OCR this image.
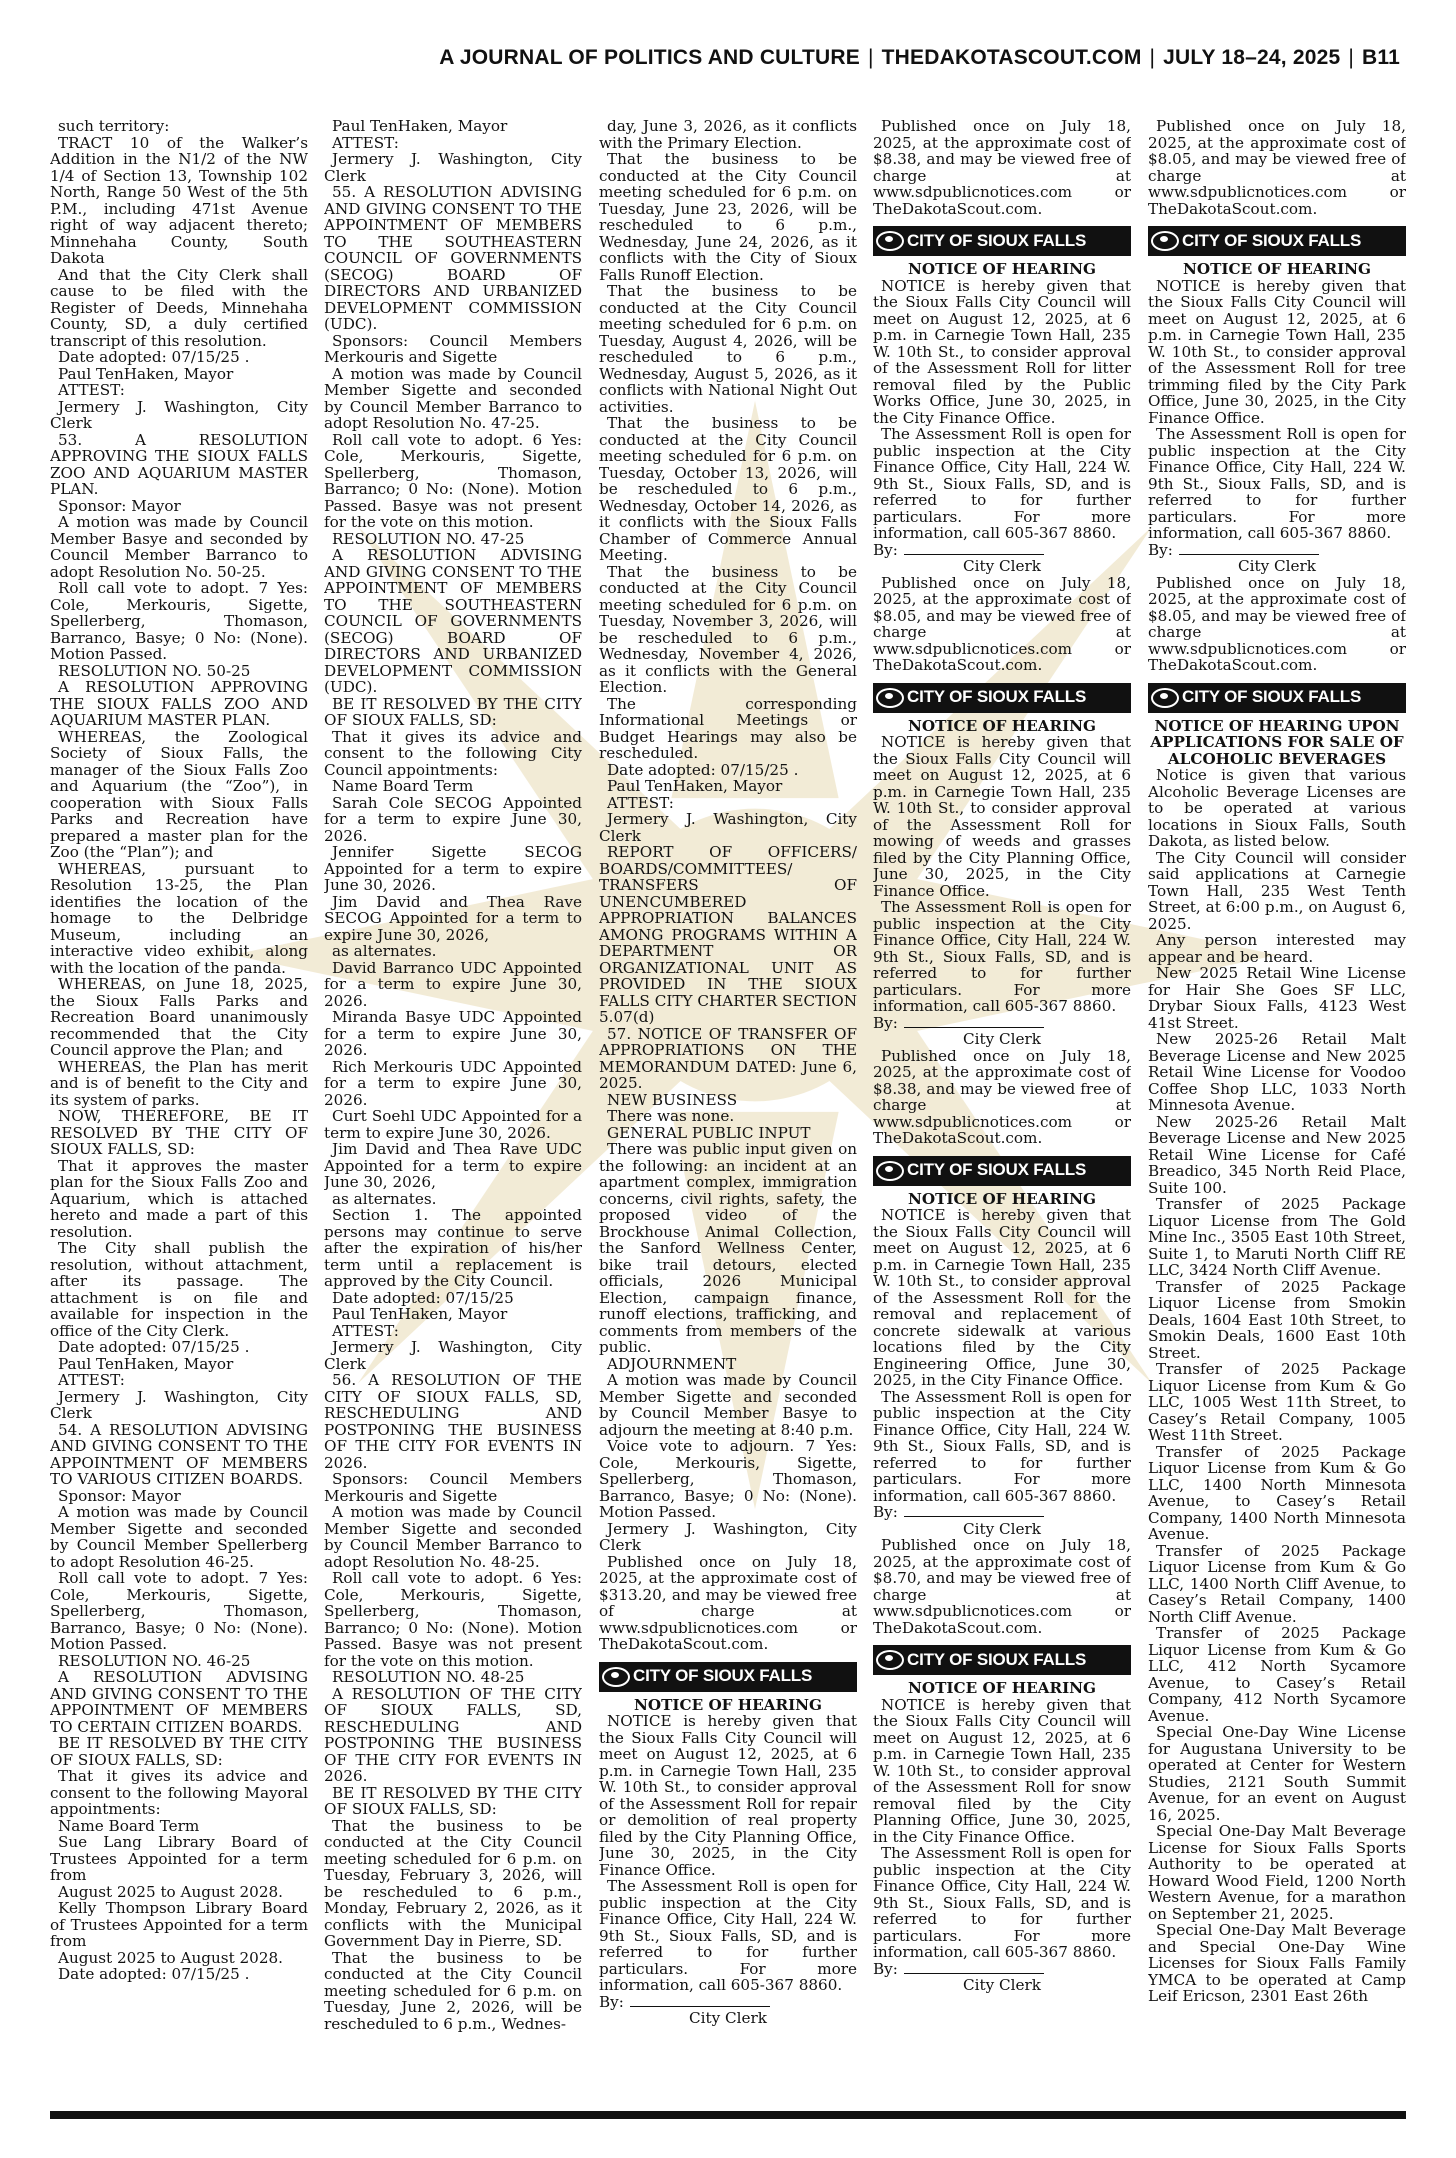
A JOURNAL OF POLITICS AND CULTURE | THEDAKOTASCOUT.COM | JULY 18–24, 2025 | B11

such territory:

TRACT 10 of the Walker’s Addition in the N1/2 of the NW 1/4 of Section 13, Township 102 North, Range 50 West of the 5th P.M., including 471st Avenue right of way adjacent thereto; Minnehaha County, South Dakota

And that the City Clerk shall cause to be filed with the Register of Deeds, Minnehaha County, SD, a duly certified transcript of this resolution.

Date adopted: 07/15/25 .

Paul TenHaken, Mayor

ATTEST:

Jermery J. Washington, City Clerk

53. A RESOLUTION APPROVING THE SIOUX FALLS ZOO AND AQUARIUM MASTER PLAN.

Sponsor: Mayor

A motion was made by Council Member Basye and seconded by Council Member Barranco to adopt Resolution No. 50-25.

Roll call vote to adopt. 7 Yes: Cole, Merkouris, Sigette, Spellerberg, Thomason, Barranco, Basye; 0 No: (None). Motion Passed.

RESOLUTION NO. 50-25

A RESOLUTION APPROVING THE SIOUX FALLS ZOO AND AQUARIUM MASTER PLAN.

WHEREAS, the Zoological Society of Sioux Falls, the manager of the Sioux Falls Zoo and Aquarium (the “Zoo”), in cooperation with Sioux Falls Parks and Recreation have prepared a master plan for the Zoo (the “Plan”); and

WHEREAS, pursuant to Resolution 13-25, the Plan identifies the location of the homage to the Delbridge Museum, including an interactive video exhibit, along with the location of the panda.

WHEREAS, on June 18, 2025, the Sioux Falls Parks and Recreation Board unanimously recommended that the City Council approve the Plan; and

WHEREAS, the Plan has merit and is of benefit to the City and its system of parks.

NOW, THEREFORE, BE IT RESOLVED BY THE CITY OF SIOUX FALLS, SD:

That it approves the master plan for the Sioux Falls Zoo and Aquarium, which is attached hereto and made a part of this resolution.

The City shall publish the resolution, without attachment, after its passage. The attachment is on file and available for inspection in the office of the City Clerk.

Date adopted: 07/15/25 .

Paul TenHaken, Mayor

ATTEST:

Jermery J. Washington, City Clerk

54. A RESOLUTION ADVISING AND GIVING CONSENT TO THE APPOINTMENT OF MEMBERS TO VARIOUS CITIZEN BOARDS.

Sponsor: Mayor

A motion was made by Council Member Sigette and seconded by Council Member Spellerberg to adopt Resolution 46-25.

Roll call vote to adopt. 7 Yes: Cole, Merkouris, Sigette, Spellerberg, Thomason, Barranco, Basye; 0 No: (None). Motion Passed.

RESOLUTION NO. 46-25

A RESOLUTION ADVISING AND GIVING CONSENT TO THE APPOINTMENT OF MEMBERS TO CERTAIN CITIZEN BOARDS.

BE IT RESOLVED BY THE CITY OF SIOUX FALLS, SD:

That it gives its advice and consent to the following Mayoral appointments:

Name Board Term

Sue Lang Library Board of Trustees Appointed for a term from

August 2025 to August 2028.

Kelly Thompson Library Board of Trustees Appointed for a term from

August 2025 to August 2028.

Date adopted: 07/15/25 .

Paul TenHaken, Mayor

ATTEST:

Jermery J. Washington, City Clerk

55. A RESOLUTION ADVISING AND GIVING CONSENT TO THE APPOINTMENT OF MEMBERS TO THE SOUTHEASTERN COUNCIL OF GOVERNMENTS (SECOG) BOARD OF DIRECTORS AND URBANIZED DEVELOPMENT COMMISSION (UDC).

Sponsors: Council Members Merkouris and Sigette

A motion was made by Council Member Sigette and seconded by Council Member Barranco to adopt Resolution No. 47-25.

Roll call vote to adopt. 6 Yes: Cole, Merkouris, Sigette, Spellerberg, Thomason, Barranco; 0 No: (None). Motion Passed. Basye was not present for the vote on this motion.

RESOLUTION NO. 47-25

A RESOLUTION ADVISING AND GIVING CONSENT TO THE APPOINTMENT OF MEMBERS TO THE SOUTHEASTERN COUNCIL OF GOVERNMENTS (SECOG) BOARD OF DIRECTORS AND URBANIZED DEVELOPMENT COMMISSION (UDC).

BE IT RESOLVED BY THE CITY OF SIOUX FALLS, SD:

That it gives its advice and consent to the following City Council appointments:

Name Board Term

Sarah Cole SECOG Appointed for a term to expire June 30, 2026.

Jennifer Sigette SECOG Appointed for a term to expire June 30, 2026.

Jim David and Thea Rave SECOG Appointed for a term to expire June 30, 2026,

as alternates.

David Barranco UDC Appointed for a term to expire June 30, 2026.

Miranda Basye UDC Appointed for a term to expire June 30, 2026.

Rich Merkouris UDC Appointed for a term to expire June 30, 2026.

Curt Soehl UDC Appointed for a term to expire June 30, 2026.

Jim David and Thea Rave UDC Appointed for a term to expire June 30, 2026,

as alternates.

Section 1. The appointed persons may continue to serve after the expiration of his/her term until a replacement is approved by the City Council.

Date adopted: 07/15/25

Paul TenHaken, Mayor

ATTEST:

Jermery J. Washington, City Clerk

56. A RESOLUTION OF THE CITY OF SIOUX FALLS, SD, RESCHEDULING AND POSTPONING THE BUSINESS OF THE CITY FOR EVENTS IN 2026.

Sponsors: Council Members Merkouris and Sigette

A motion was made by Council Member Sigette and seconded by Council Member Barranco to adopt Resolution No. 48-25.

Roll call vote to adopt. 6 Yes: Cole, Merkouris, Sigette, Spellerberg, Thomason, Barranco; 0 No: (None). Motion Passed. Basye was not present for the vote on this motion.

RESOLUTION NO. 48-25

A RESOLUTION OF THE CITY OF SIOUX FALLS, SD, RESCHEDULING AND POSTPONING THE BUSINESS OF THE CITY FOR EVENTS IN 2026.

BE IT RESOLVED BY THE CITY OF SIOUX FALLS, SD:

That the business to be conducted at the City Council meeting scheduled for 6 p.m. on Tuesday, February 3, 2026, will be rescheduled to 6 p.m., Monday, February 2, 2026, as it conflicts with the Municipal Government Day in Pierre, SD.

That the business to be conducted at the City Council meeting scheduled for 6 p.m. on Tuesday, June 2, 2026, will be rescheduled to 6 p.m., Wednes-

day, June 3, 2026, as it conflicts with the Primary Election.

That the business to be conducted at the City Council meeting scheduled for 6 p.m. on Tuesday, June 23, 2026, will be rescheduled to 6 p.m., Wednesday, June 24, 2026, as it conflicts with the City of Sioux Falls Runoff Election.

That the business to be conducted at the City Council meeting scheduled for 6 p.m. on Tuesday, August 4, 2026, will be rescheduled to 6 p.m., Wednesday, August 5, 2026, as it conflicts with National Night Out activities.

That the business to be conducted at the City Council meeting scheduled for 6 p.m. on Tuesday, October 13, 2026, will be rescheduled to 6 p.m., Wednesday, October 14, 2026, as it conflicts with the Sioux Falls Chamber of Commerce Annual Meeting.

That the business to be conducted at the City Council meeting scheduled for 6 p.m. on Tuesday, November 3, 2026, will be rescheduled to 6 p.m., Wednesday, November 4, 2026, as it conflicts with the General Election.

The corresponding Informational Meetings or Budget Hearings may also be rescheduled.

Date adopted: 07/15/25 .

Paul TenHaken, Mayor

ATTEST:

Jermery J. Washington, City Clerk

REPORT OF OFFICERS/ BOARDS/COMMITTEES/ TRANSFERS OF UNENCUMBERED APPROPRIATION BALANCES AMONG PROGRAMS WITHIN A DEPARTMENT OR ORGANIZATIONAL UNIT AS PROVIDED IN THE SIOUX FALLS CITY CHARTER SECTION 5.07(d)

57. NOTICE OF TRANSFER OF APPROPRIATIONS ON THE MEMORANDUM DATED: June 6, 2025.

NEW BUSINESS

There was none.

GENERAL PUBLIC INPUT

There was public input given on the following: an incident at an apartment complex, immigration concerns, civil rights, safety, the proposed video of the Brockhouse Animal Collection, the Sanford Wellness Center, bike trail detours, elected officials, 2026 Municipal Election, campaign finance, runoff elections, trafficking, and comments from members of the public.

ADJOURNMENT

A motion was made by Council Member Sigette and seconded by Council Member Basye to adjourn the meeting at 8:40 p.m.

Voice vote to adjourn. 7 Yes: Cole, Merkouris, Sigette, Spellerberg, Thomason, Barranco, Basye; 0 No: (None). Motion Passed.

Jermery J. Washington, City Clerk

Published once on July 18, 2025, at the approximate cost of $313.20, and may be viewed free of charge at www.sdpublicnotices.com or TheDakotaScout.com.

CITY OF SIOUX FALLS

NOTICE OF HEARING

NOTICE is hereby given that the Sioux Falls City Council will meet on August 12, 2025, at 6 p.m. in Carnegie Town Hall, 235 W. 10th St., to consider approval of the Assessment Roll for repair or demolition of real property filed by the City Planning Office, June 30, 2025, in the City Finance Office.

The Assessment Roll is open for public inspection at the City Finance Office, City Hall, 224 W. 9th St., Sioux Falls, SD, and is referred to for further particulars. For more information, call 605-367 8860.

By:

City Clerk

Published once on July 18, 2025, at the approximate cost of $8.38, and may be viewed free of charge at www.sdpublicnotices.com or TheDakotaScout.com.

CITY OF SIOUX FALLS

NOTICE OF HEARING

NOTICE is hereby given that the Sioux Falls City Council will meet on August 12, 2025, at 6 p.m. in Carnegie Town Hall, 235 W. 10th St., to consider approval of the Assessment Roll for litter removal filed by the Public Works Office, June 30, 2025, in the City Finance Office.

The Assessment Roll is open for public inspection at the City Finance Office, City Hall, 224 W. 9th St., Sioux Falls, SD, and is referred to for further particulars. For more information, call 605-367 8860.

By:

City Clerk

Published once on July 18, 2025, at the approximate cost of $8.05, and may be viewed free of charge at www.sdpublicnotices.com or TheDakotaScout.com.

CITY OF SIOUX FALLS

NOTICE OF HEARING

NOTICE is hereby given that the Sioux Falls City Council will meet on August 12, 2025, at 6 p.m. in Carnegie Town Hall, 235 W. 10th St., to consider approval of the Assessment Roll for mowing of weeds and grasses filed by the City Planning Office, June 30, 2025, in the City Finance Office.

The Assessment Roll is open for public inspection at the City Finance Office, City Hall, 224 W. 9th St., Sioux Falls, SD, and is referred to for further particulars. For more information, call 605-367 8860.

By:

City Clerk

Published once on July 18, 2025, at the approximate cost of $8.38, and may be viewed free of charge at www.sdpublicnotices.com or TheDakotaScout.com.

CITY OF SIOUX FALLS

NOTICE OF HEARING

NOTICE is hereby given that the Sioux Falls City Council will meet on August 12, 2025, at 6 p.m. in Carnegie Town Hall, 235 W. 10th St., to consider approval of the Assessment Roll for the removal and replacement of concrete sidewalk at various locations filed by the City Engineering Office, June 30, 2025, in the City Finance Office.

The Assessment Roll is open for public inspection at the City Finance Office, City Hall, 224 W. 9th St., Sioux Falls, SD, and is referred to for further particulars. For more information, call 605-367 8860.

By:

City Clerk

Published once on July 18, 2025, at the approximate cost of $8.70, and may be viewed free of charge at www.sdpublicnotices.com or TheDakotaScout.com.

CITY OF SIOUX FALLS

NOTICE OF HEARING

NOTICE is hereby given that the Sioux Falls City Council will meet on August 12, 2025, at 6 p.m. in Carnegie Town Hall, 235 W. 10th St., to consider approval of the Assessment Roll for snow removal filed by the City Planning Office, June 30, 2025, in the City Finance Office.

The Assessment Roll is open for public inspection at the City Finance Office, City Hall, 224 W. 9th St., Sioux Falls, SD, and is referred to for further particulars. For more information, call 605-367 8860.

By:

City Clerk

Published once on July 18, 2025, at the approximate cost of $8.05, and may be viewed free of charge at www.sdpublicnotices.com or TheDakotaScout.com.

CITY OF SIOUX FALLS

NOTICE OF HEARING

NOTICE is hereby given that the Sioux Falls City Council will meet on August 12, 2025, at 6 p.m. in Carnegie Town Hall, 235 W. 10th St., to consider approval of the Assessment Roll for tree trimming filed by the City Park Office, June 30, 2025, in the City Finance Office.

The Assessment Roll is open for public inspection at the City Finance Office, City Hall, 224 W. 9th St., Sioux Falls, SD, and is referred to for further particulars. For more information, call 605-367 8860.

By:

City Clerk

Published once on July 18, 2025, at the approximate cost of $8.05, and may be viewed free of charge at www.sdpublicnotices.com or TheDakotaScout.com.

CITY OF SIOUX FALLS

NOTICE OF HEARING UPON APPLICATIONS FOR SALE OF ALCOHOLIC BEVERAGES

Notice is given that various Alcoholic Beverage Licenses are to be operated at various locations in Sioux Falls, South Dakota, as listed below.

The City Council will consider said applications at Carnegie Town Hall, 235 West Tenth Street, at 6:00 p.m., on August 6, 2025.

Any person interested may appear and be heard.

New 2025 Retail Wine License for Hair She Goes SF LLC, Drybar Sioux Falls, 4123 West 41st Street.

New 2025-26 Retail Malt Beverage License and New 2025 Retail Wine License for Voodoo Coffee Shop LLC, 1033 North Minnesota Avenue.

New 2025-26 Retail Malt Beverage License and New 2025 Retail Wine License for Café Breadico, 345 North Reid Place, Suite 100.

Transfer of 2025 Package Liquor License from The Gold Mine Inc., 3505 East 10th Street, Suite 1, to Maruti North Cliff RE LLC, 3424 North Cliff Avenue.

Transfer of 2025 Package Liquor License from Smokin Deals, 1604 East 10th Street, to Smokin Deals, 1600 East 10th Street.

Transfer of 2025 Package Liquor License from Kum & Go LLC, 1005 West 11th Street, to Casey’s Retail Company, 1005 West 11th Street.

Transfer of 2025 Package Liquor License from Kum & Go LLC, 1400 North Minnesota Avenue, to Casey’s Retail Company, 1400 North Minnesota Avenue.

Transfer of 2025 Package Liquor License from Kum & Go LLC, 1400 North Cliff Avenue, to Casey’s Retail Company, 1400 North Cliff Avenue.

Transfer of 2025 Package Liquor License from Kum & Go LLC, 412 North Sycamore Avenue, to Casey’s Retail Company, 412 North Sycamore Avenue.

Special One-Day Wine License for Augustana University to be operated at Center for Western Studies, 2121 South Summit Avenue, for an event on August 16, 2025.

Special One-Day Malt Beverage License for Sioux Falls Sports Authority to be operated at Howard Wood Field, 1200 North Western Avenue, for a marathon on September 21, 2025.

Special One-Day Malt Beverage and Special One-Day Wine Licenses for Sioux Falls Family YMCA to be operated at Camp Leif Ericson, 2301 East 26th
